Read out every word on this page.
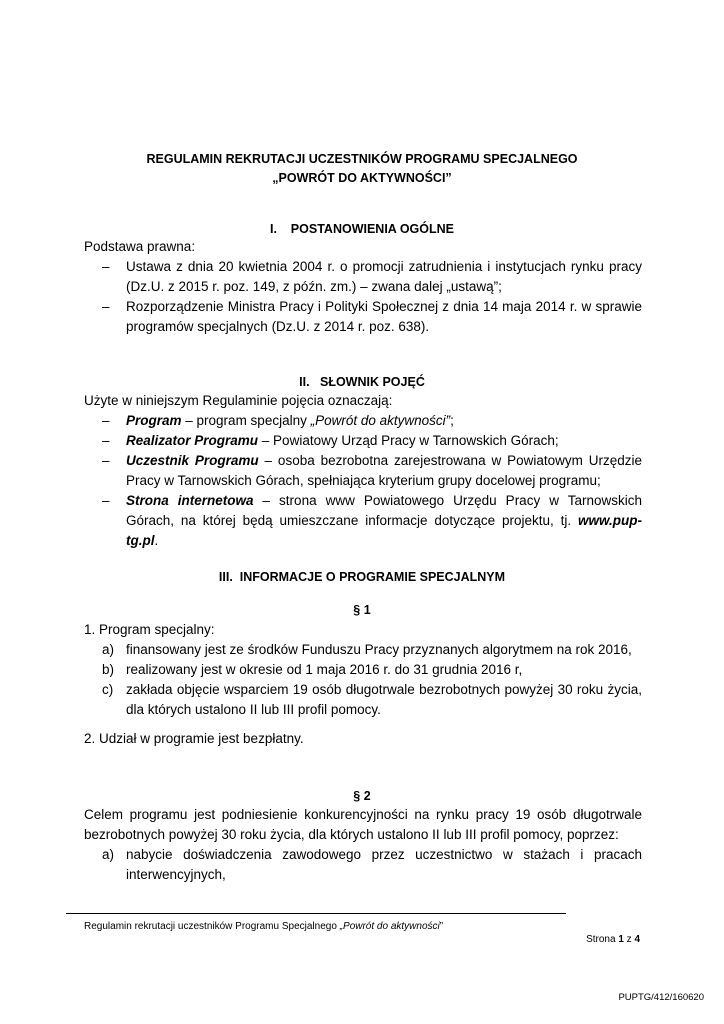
REGULAMIN REKRUTACJI UCZESTNIKÓW PROGRAMU SPECJALNEGO
„POWRÓT DO AKTYWNOŚCI”
I.    POSTANOWIENIA OGÓLNE
Podstawa prawna:
– Ustawa z dnia 20 kwietnia 2004 r. o promocji zatrudnienia i instytucjach rynku pracy (Dz.U. z 2015 r. poz. 149, z późn. zm.) – zwana dalej „ustawą”;
– Rozporządzenie Ministra Pracy i Polityki Społecznej z dnia 14 maja 2014 r. w sprawie programów specjalnych (Dz.U. z 2014 r. poz. 638).
II.   SŁOWNIK POJĘĆ
Użyte w niniejszym Regulaminie pojęcia oznaczają:
– Program – program specjalny „Powrót do aktywności”;
– Realizator Programu – Powiatowy Urząd Pracy w Tarnowskich Górach;
– Uczestnik Programu – osoba bezrobotna zarejestrowana w Powiatowym Urzędzie Pracy w Tarnowskich Górach, spełniająca kryterium grupy docelowej programu;
– Strona internetowa – strona www Powiatowego Urzędu Pracy w Tarnowskich Górach, na której będą umieszczane informacje dotyczące projektu, tj. www.pup-tg.pl.
III.  INFORMACJE O PROGRAMIE SPECJALNYM
§ 1
1. Program specjalny:
a) finansowany jest ze środków Funduszu Pracy przyznanych algorytmem na rok 2016,
b) realizowany jest w okresie od 1 maja 2016 r. do 31 grudnia 2016 r,
c) zakłada objęcie wsparciem 19 osób długotrwale bezrobotnych powyżej 30 roku życia, dla których ustalono II lub III profil pomocy.
2. Udział w programie jest bezpłatny.
§ 2
Celem programu jest podniesienie konkurencyjności na rynku pracy 19 osób długotrwale bezrobotnych powyżej 30 roku życia, dla których ustalono II lub III profil pomocy, poprzez:
a) nabycie doświadczenia zawodowego przez uczestnictwo w stażach i pracach interwencyjnych,
Regulamin rekrutacji uczestników Programu Specjalnego „Powrót do aktywności”
Strona 1 z 4
PUPTG/412/160620
